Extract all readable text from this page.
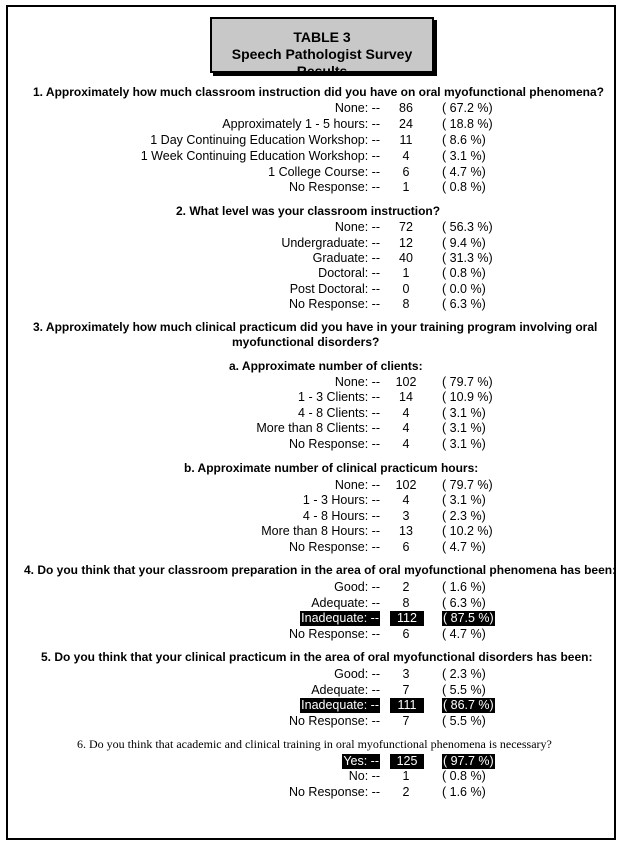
TABLE 3
Speech Pathologist Survey Results
1. Approximately how much classroom instruction did you have on oral myofunctional phenomena?
None: --	86	( 67.2 %)
Approximately 1 - 5 hours: --	24	( 18.8 %)
1 Day Continuing Education Workshop: --	11	( 8.6 %)
1 Week Continuing Education Workshop: --	4	( 3.1 %)
1 College Course: --	6	( 4.7 %)
No Response: --	1	( 0.8 %)
2. What level was your classroom instruction?
None: --	72	( 56.3 %)
Undergraduate: --	12	( 9.4 %)
Graduate: --	40	( 31.3 %)
Doctoral: --	1	( 0.8 %)
Post Doctoral: --	0	( 0.0 %)
No Response: --	8	( 6.3 %)
3. Approximately how much clinical practicum did you have in your training program involving oral
myofunctional disorders?
a. Approximate number of clients:
None: --	102	( 79.7 %)
1 - 3 Clients: --	14	( 10.9 %)
4 - 8 Clients: --	4	( 3.1 %)
More than 8 Clients: --	4	( 3.1 %)
No Response: --	4	( 3.1 %)
b. Approximate number of clinical practicum hours:
None: --	102	( 79.7 %)
1 - 3 Hours: --	4	( 3.1 %)
4 - 8 Hours: --	3	( 2.3 %)
More than 8 Hours: --	13	( 10.2 %)
No Response: --	6	( 4.7 %)
4. Do you think that your classroom preparation in the area of oral myofunctional phenomena has been:
Good: --	2	( 1.6 %)
Adequate: --	8	( 6.3 %)
Inadequate: --	112	( 87.5 %)
No Response: --	6	( 4.7 %)
5. Do you think that your clinical practicum in the area of oral myofunctional disorders has been:
Good: --	3	( 2.3 %)
Adequate: --	7	( 5.5 %)
Inadequate: --	111	( 86.7 %)
No Response: --	7	( 5.5 %)
6. Do you think that academic and clinical training in oral myofunctional phenomena is necessary?
Yes: --	125	( 97.7 %)
No: --	1	( 0.8 %)
No Response: --	2	( 1.6 %)
